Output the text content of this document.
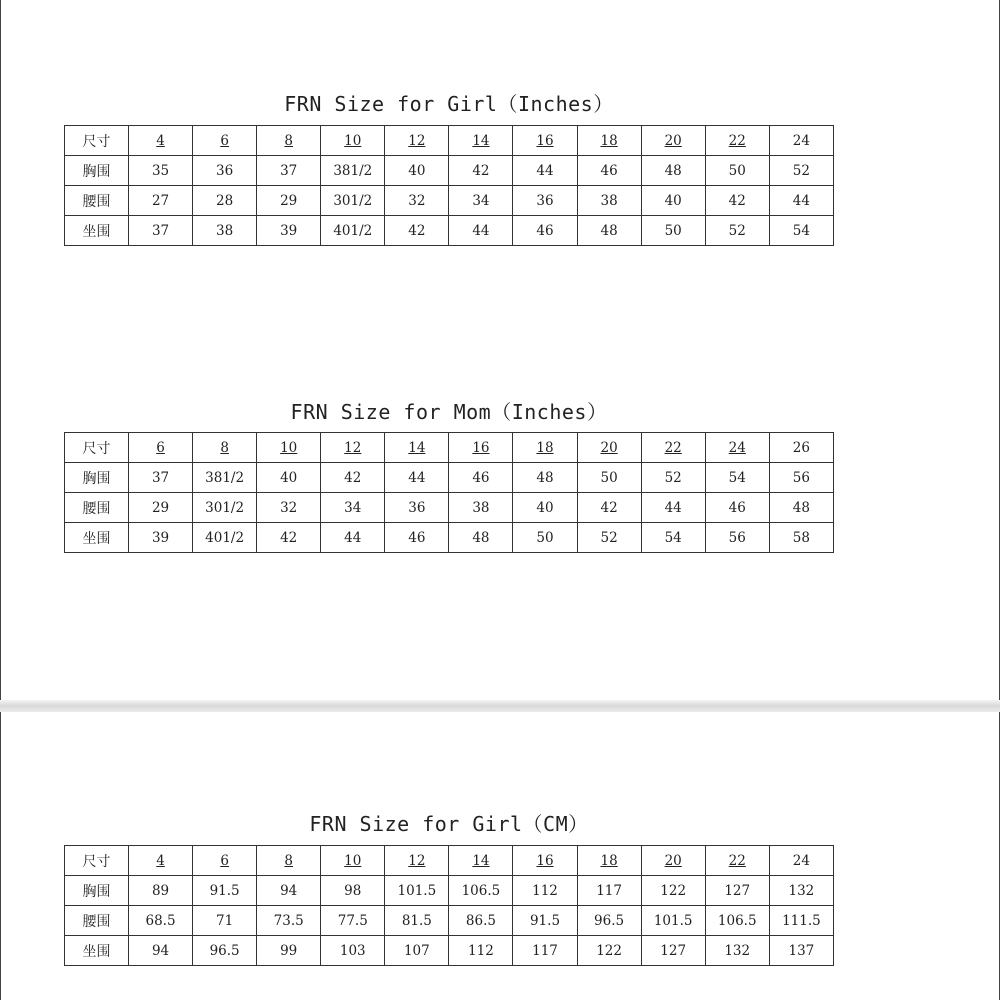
FRN Size for Girl（Inches）
尺寸	4	6	8	10	12	14	16	18	20	22	24
胸围	35	36	37	381/2	40	42	44	46	48	50	52
腰围	27	28	29	301/2	32	34	36	38	40	42	44
坐围	37	38	39	401/2	42	44	46	48	50	52	54
FRN Size for Mom（Inches）
尺寸	6	8	10	12	14	16	18	20	22	24	26
胸围	37	381/2	40	42	44	46	48	50	52	54	56
腰围	29	301/2	32	34	36	38	40	42	44	46	48
坐围	39	401/2	42	44	46	48	50	52	54	56	58
FRN Size for Girl（CM）
尺寸	4	6	8	10	12	14	16	18	20	22	24
胸围	89	91.5	94	98	101.5	106.5	112	117	122	127	132
腰围	68.5	71	73.5	77.5	81.5	86.5	91.5	96.5	101.5	106.5	111.5
坐围	94	96.5	99	103	107	112	117	122	127	132	137
